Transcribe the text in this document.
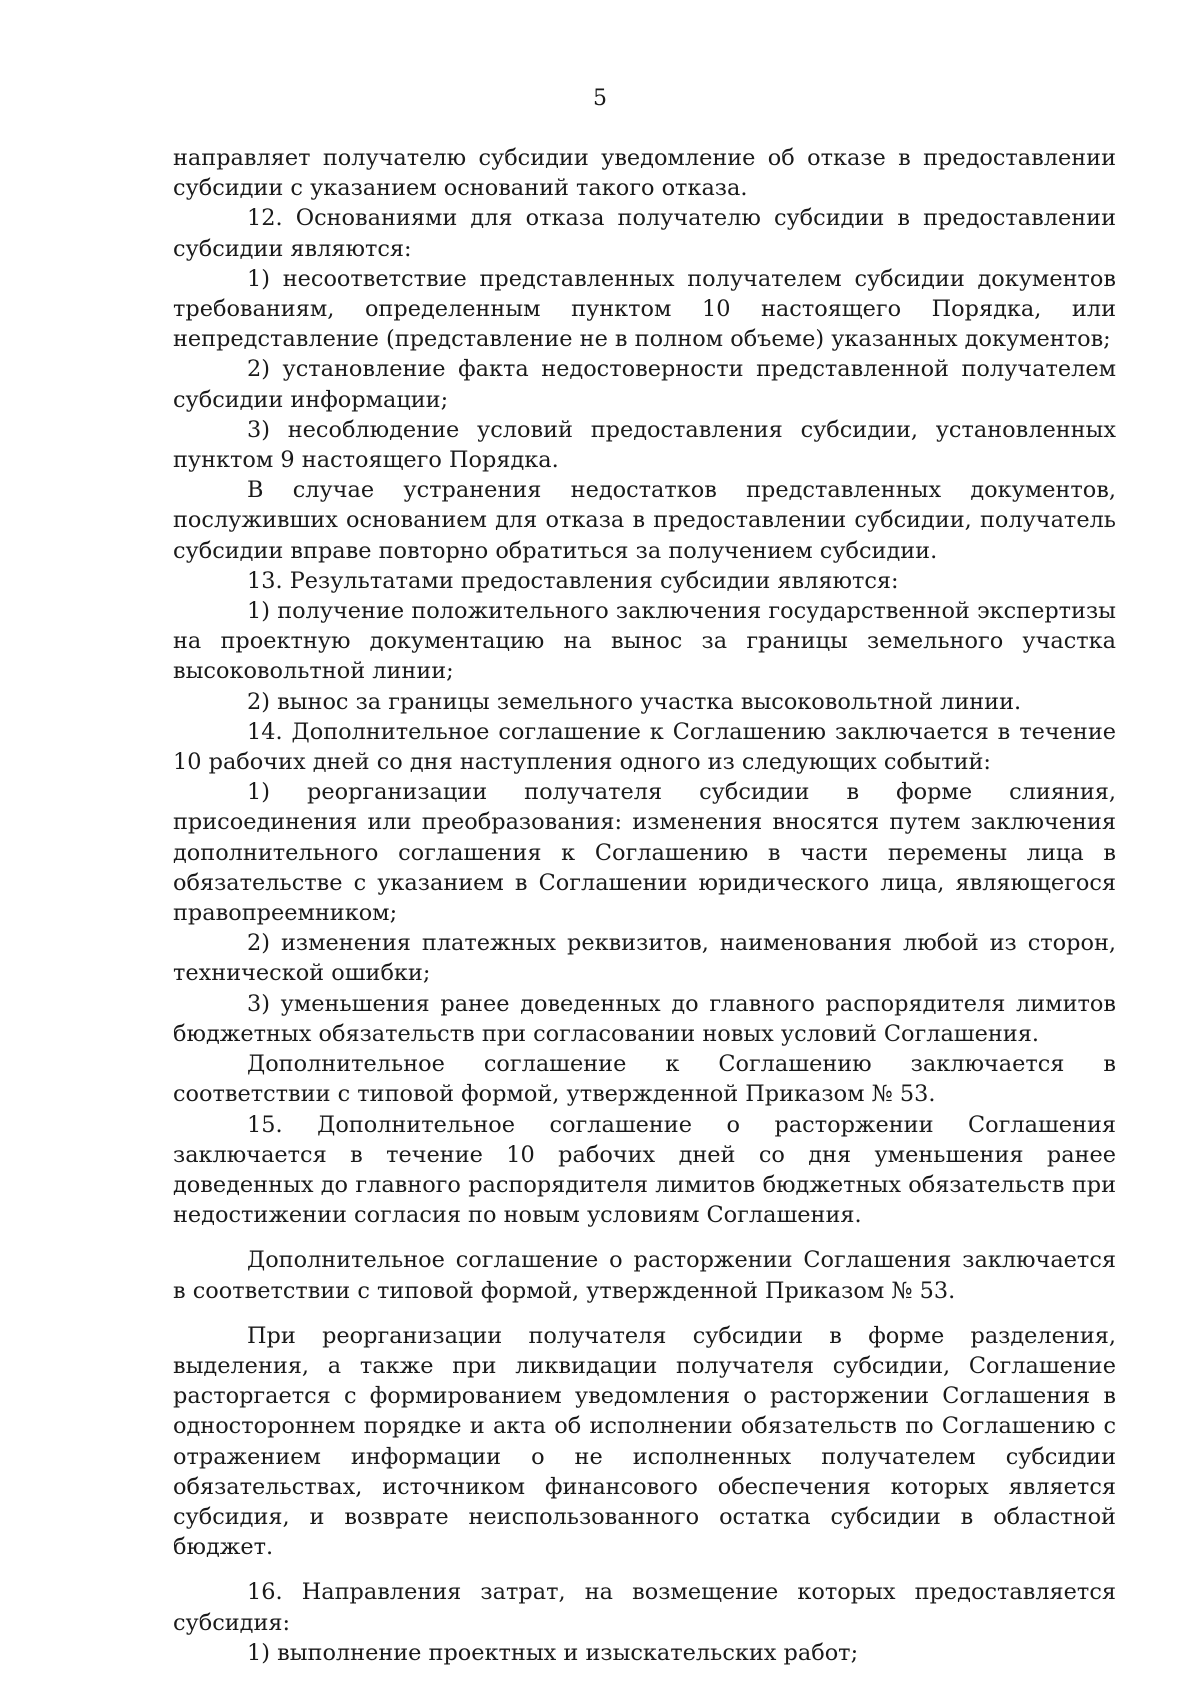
5

направляет получателю субсидии уведомление об отказе в предоставлении субсидии с указанием оснований такого отказа.

12. Основаниями для отказа получателю субсидии в предоставлении субсидии являются:

1) несоответствие представленных получателем субсидии документов требованиям, определенным пунктом 10 настоящего Порядка, или непредставление (представление не в полном объеме) указанных документов;

2) установление факта недостоверности представленной получателем субсидии информации;

3) несоблюдение условий предоставления субсидии, установленных пунктом 9 настоящего Порядка.

В случае устранения недостатков представленных документов, послуживших основанием для отказа в предоставлении субсидии, получатель субсидии вправе повторно обратиться за получением субсидии.

13. Результатами предоставления субсидии являются:

1) получение положительного заключения государственной экспертизы на проектную документацию на вынос за границы земельного участка высоковольтной линии;

2) вынос за границы земельного участка высоковольтной линии.

14. Дополнительное соглашение к Соглашению заключается в течение 10 рабочих дней со дня наступления одного из следующих событий:

1) реорганизации получателя субсидии в форме слияния, присоединения или преобразования: изменения вносятся путем заключения дополнительного соглашения к Соглашению в части перемены лица в обязательстве с указанием в Соглашении юридического лица, являющегося правопреемником;

2) изменения платежных реквизитов, наименования любой из сторон, технической ошибки;

3) уменьшения ранее доведенных до главного распорядителя лимитов бюджетных обязательств при согласовании новых условий Соглашения.

Дополнительное соглашение к Соглашению заключается в соответствии с типовой формой, утвержденной Приказом № 53.

15. Дополнительное соглашение о расторжении Соглашения заключается в течение 10 рабочих дней со дня уменьшения ранее доведенных до главного распорядителя лимитов бюджетных обязательств при недостижении согласия по новым условиям Соглашения.

Дополнительное соглашение о расторжении Соглашения заключается в соответствии с типовой формой, утвержденной Приказом № 53.

При реорганизации получателя субсидии в форме разделения, выделения, а также при ликвидации получателя субсидии, Соглашение расторгается с формированием уведомления о расторжении Соглашения в одностороннем порядке и акта об исполнении обязательств по Соглашению с отражением информации о не исполненных получателем субсидии обязательствах, источником финансового обеспечения которых является субсидия, и возврате неиспользованного остатка субсидии в областной бюджет.

16. Направления затрат, на возмещение которых предоставляется субсидия:

1) выполнение проектных и изыскательских работ;
